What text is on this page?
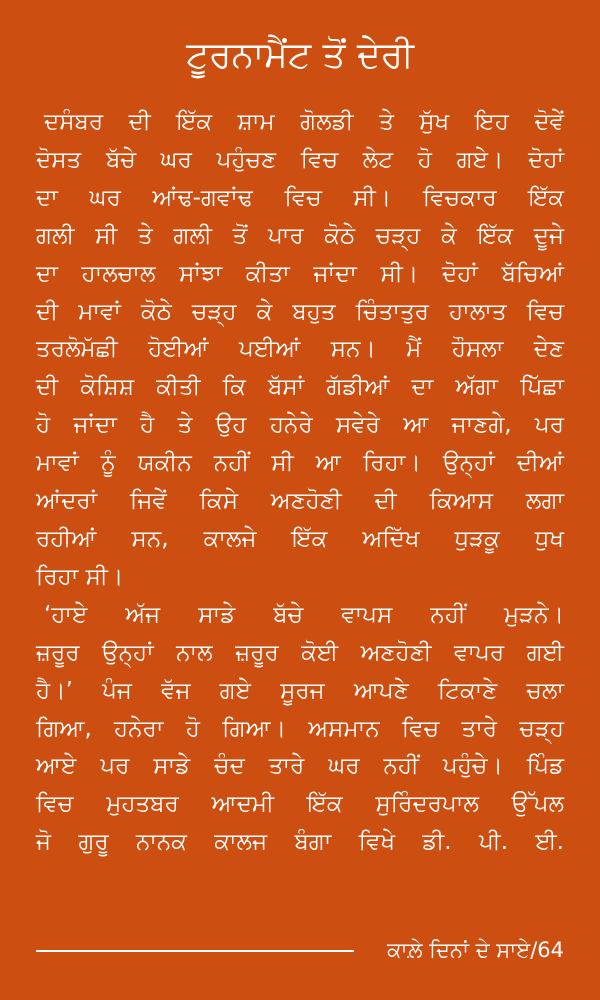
ਟੂਰਨਾਮੈਂਟ ਤੋਂ ਦੇਰੀ

ਦਸੰਬਰ ਦੀ ਇੱਕ ਸ਼ਾਮ ਗੋਲਡੀ ਤੇ ਸੁੱਖ ਇਹ ਦੋਵੇਂ
ਦੋਸਤ ਬੱਚੇ ਘਰ ਪਹੁੰਚਣ ਵਿਚ ਲੇਟ ਹੋ ਗਏ। ਦੋਹਾਂ
ਦਾ ਘਰ ਆਂਢ-ਗਵਾਂਢ ਵਿਚ ਸੀ। ਵਿਚਕਾਰ ਇੱਕ
ਗਲੀ ਸੀ ਤੇ ਗਲੀ ਤੋਂ ਪਾਰ ਕੋਠੇ ਚੜ੍ਹ ਕੇ ਇੱਕ ਦੂਜੇ
ਦਾ ਹਾਲਚਾਲ ਸਾਂਝਾ ਕੀਤਾ ਜਾਂਦਾ ਸੀ। ਦੋਹਾਂ ਬੱਚਿਆਂ
ਦੀ ਮਾਵਾਂ ਕੋਠੇ ਚੜ੍ਹ ਕੇ ਬਹੁਤ ਚਿੰਤਾਤੁਰ ਹਾਲਾਤ ਵਿਚ
ਤਰਲੋਮੱਛੀ ਹੋਈਆਂ ਪਈਆਂ ਸਨ। ਮੈਂ ਹੌਸਲਾ ਦੇਣ
ਦੀ ਕੋਸ਼ਿਸ਼ ਕੀਤੀ ਕਿ ਬੱਸਾਂ ਗੱਡੀਆਂ ਦਾ ਅੱਗਾ ਪਿੱਛਾ
ਹੋ ਜਾਂਦਾ ਹੈ ਤੇ ਉਹ ਹਨੇਰੇ ਸਵੇਰੇ ਆ ਜਾਣਗੇ, ਪਰ
ਮਾਵਾਂ ਨੂੰ ਯਕੀਨ ਨਹੀਂ ਸੀ ਆ ਰਿਹਾ। ਉਨ੍ਹਾਂ ਦੀਆਂ
ਆਂਦਰਾਂ ਜਿਵੇਂ ਕਿਸੇ ਅਣਹੋਣੀ ਦੀ ਕਿਆਸ ਲਗਾ
ਰਹੀਆਂ ਸਨ, ਕਾਲਜੇ ਇੱਕ ਅਦਿੱਖ ਧੁੜਕੂ ਧੁਖ
ਰਿਹਾ ਸੀ।

‘ਹਾਏ ਅੱਜ ਸਾਡੇ ਬੱਚੇ ਵਾਪਸ ਨਹੀਂ ਮੁੜਨੇ।
ਜ਼ਰੂਰ ਉਨ੍ਹਾਂ ਨਾਲ ਜ਼ਰੂਰ ਕੋਈ ਅਣਹੋਣੀ ਵਾਪਰ ਗਈ
ਹੈ।’ ਪੰਜ ਵੱਜ ਗਏ ਸੂਰਜ ਆਪਣੇ ਟਿਕਾਣੇ ਚਲਾ
ਗਿਆ, ਹਨੇਰਾ ਹੋ ਗਿਆ। ਅਸਮਾਨ ਵਿਚ ਤਾਰੇ ਚੜ੍ਹ
ਆਏ ਪਰ ਸਾਡੇ ਚੰਦ ਤਾਰੇ ਘਰ ਨਹੀਂ ਪਹੁੰਚੇ। ਪਿੰਡ
ਵਿਚ ਮੁਹਤਬਰ ਆਦਮੀ ਇੱਕ ਸੁਰਿੰਦਰਪਾਲ ਉੱਪਲ
ਜੋ ਗੁਰੂ ਨਾਨਕ ਕਾਲਜ ਬੰਗਾ ਵਿਖੇ ਡੀ. ਪੀ. ਈ.

ਕਾਲ਼ੇ ਦਿਨਾਂ ਦੇ ਸਾਏ/64
